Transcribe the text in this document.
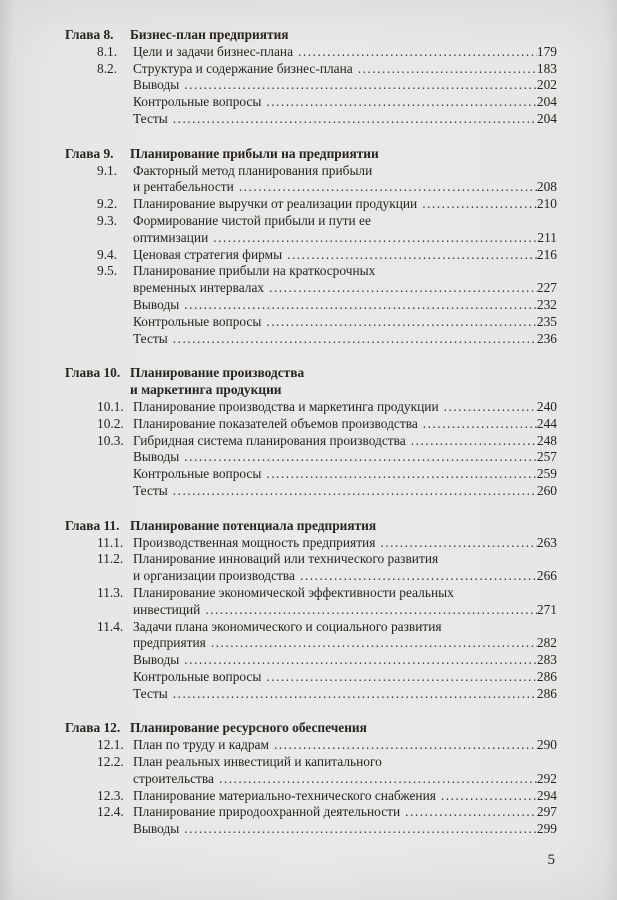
Глава 8.	Бизнес-план предприятия
8.1.	Цели и задачи бизнес-плана .....	179
8.2.	Структура и содержание бизнес-плана .....	183
Выводы .....	202
Контрольные вопросы .....	204
Тесты .....	204
Глава 9.	Планирование прибыли на предприятии
9.1.	Факторный метод планирования прибыли
и рентабельности .....	208
9.2.	Планирование выручки от реализации продукции .....	210
9.3.	Формирование чистой прибыли и пути ее
оптимизации .....	211
9.4.	Ценовая стратегия фирмы .....	216
9.5.	Планирование прибыли на краткосрочных
временных интервалах .....	227
Выводы .....	232
Контрольные вопросы .....	235
Тесты .....	236
Глава 10. Планирование производства
и маркетинга продукции
10.1. Планирование производства и маркетинга продукции .....	240
10.2. Планирование показателей объемов производства .....	244
10.3. Гибридная система планирования производства .....	248
Выводы .....	257
Контрольные вопросы .....	259
Тесты .....	260
Глава 11. Планирование потенциала предприятия
11.1. Производственная мощность предприятия .....	263
11.2. Планирование инноваций или технического развития
и организации производства .....	266
11.3. Планирование экономической эффективности реальных
инвестиций .....	271
11.4. Задачи плана экономического и социального развития
предприятия .....	282
Выводы .....	283
Контрольные вопросы .....	286
Тесты .....	286
Глава 12. Планирование ресурсного обеспечения
12.1. План по труду и кадрам .....	290
12.2. План реальных инвестиций и капитального
строительства .....	292
12.3. Планирование материально-технического снабжения .....	294
12.4. Планирование природоохранной деятельности .....	297
Выводы .....	299
5
